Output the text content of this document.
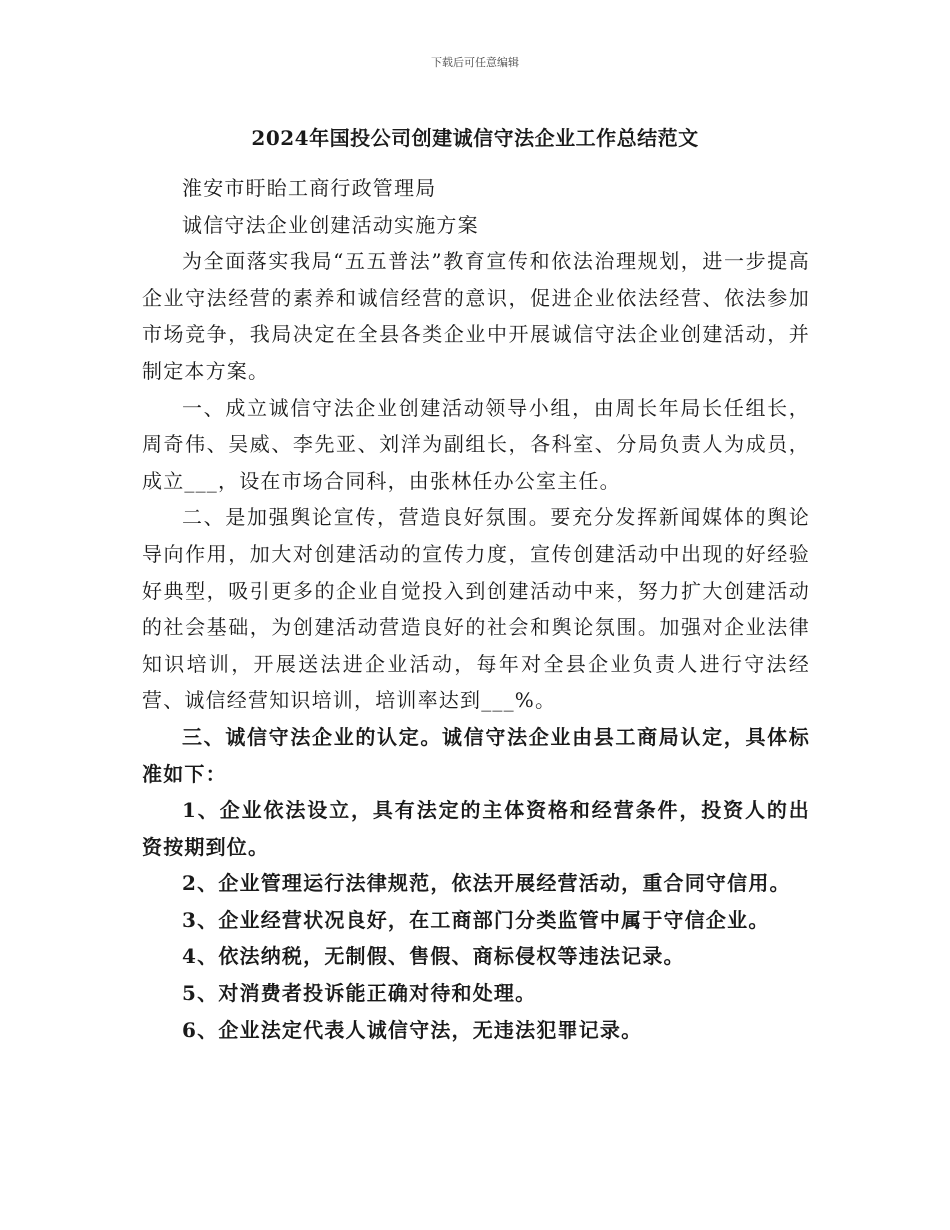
下载后可任意编辑
2024年国投公司创建诚信守法企业工作总结范文

淮安市盱眙工商行政管理局

诚信守法企业创建活动实施方案

为全面落实我局“五五普法”教育宣传和依法治理规划，进一步提高企业守法经营的素养和诚信经营的意识，促进企业依法经营、依法参加市场竞争，我局决定在全县各类企业中开展诚信守法企业创建活动，并制定本方案。

一、成立诚信守法企业创建活动领导小组，由周长年局长任组长，周奇伟、吴威、李先亚、刘洋为副组长，各科室、分局负责人为成员，成立___，设在市场合同科，由张林任办公室主任。

二、是加强舆论宣传，营造良好氛围。要充分发挥新闻媒体的舆论导向作用，加大对创建活动的宣传力度，宣传创建活动中出现的好经验好典型，吸引更多的企业自觉投入到创建活动中来，努力扩大创建活动的社会基础，为创建活动营造良好的社会和舆论氛围。加强对企业法律知识培训，开展送法进企业活动，每年对全县企业负责人进行守法经营、诚信经营知识培训，培训率达到___%。

三、诚信守法企业的认定。诚信守法企业由县工商局认定，具体标准如下：

1、企业依法设立，具有法定的主体资格和经营条件，投资人的出资按期到位。

2、企业管理运行法律规范，依法开展经营活动，重合同守信用。

3、企业经营状况良好，在工商部门分类监管中属于守信企业。

4、依法纳税，无制假、售假、商标侵权等违法记录。

5、对消费者投诉能正确对待和处理。

6、企业法定代表人诚信守法，无违法犯罪记录。
